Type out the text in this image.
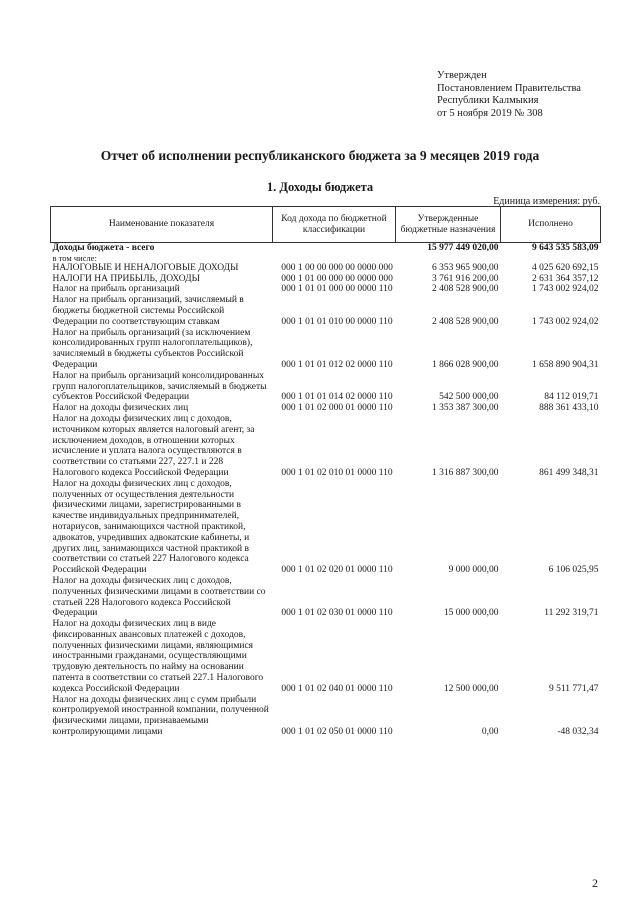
Утвержден
Постановлением Правительства
Республики Калмыкия
от 5 ноября 2019 № 308
Отчет об исполнении республиканского бюджета за 9 месяцев 2019 года
1. Доходы бюджета
Единица измерения: руб.
Наименование показателя	Код дохода по бюджетной классификации	Утвержденные бюджетные назначения	Исполнено
Доходы бюджета - всего		15 977 449 020,00	9 643 535 583,09
в том числе:			
НАЛОГОВЫЕ И НЕНАЛОГОВЫЕ ДОХОДЫ	000 1 00 00 000 00 0000 000	6 353 965 900,00	4 025 620 692,15
НАЛОГИ НА ПРИБЫЛЬ, ДОХОДЫ	000 1 01 00 000 00 0000 000	3 761 916 200,00	2 631 364 357,12
Налог на прибыль организаций	000 1 01 01 000 00 0000 110	2 408 528 900,00	1 743 002 924,02
Налог на прибыль организаций, зачисляемый в бюджеты бюджетной системы Российской Федерации по соответствующим ставкам	000 1 01 01 010 00 0000 110	2 408 528 900,00	1 743 002 924,02
Налог на прибыль организаций (за исключением консолидированных групп налогоплательщиков), зачисляемый в бюджеты субъектов Российской Федерации	000 1 01 01 012 02 0000 110	1 866 028 900,00	1 658 890 904,31
Налог на прибыль организаций консолидированных групп налогоплательщиков, зачисляемый в бюджеты субъектов Российской Федерации	000 1 01 01 014 02 0000 110	542 500 000,00	84 112 019,71
Налог на доходы физических лиц	000 1 01 02 000 01 0000 110	1 353 387 300,00	888 361 433,10
Налог на доходы физических лиц с доходов, источником которых является налоговый агент, за исключением доходов, в отношении которых исчисление и уплата налога осуществляются в соответствии со статьями 227, 227.1 и 228 Налогового кодекса Российской Федерации	000 1 01 02 010 01 0000 110	1 316 887 300,00	861 499 348,31
Налог на доходы физических лиц с доходов, полученных от осуществления деятельности физическими лицами, зарегистрированными в качестве индивидуальных предпринимателей, нотариусов, занимающихся частной практикой, адвокатов, учредивших адвокатские кабинеты, и других лиц, занимающихся частной практикой в соответствии со статьей 227 Налогового кодекса Российской Федерации	000 1 01 02 020 01 0000 110	9 000 000,00	6 106 025,95
Налог на доходы физических лиц с доходов, полученных физическими лицами в соответствии со статьей 228 Налогового кодекса Российской Федерации	000 1 01 02 030 01 0000 110	15 000 000,00	11 292 319,71
Налог на доходы физических лиц в виде фиксированных авансовых платежей с доходов, полученных физическими лицами, являющимися иностранными гражданами, осуществляющими трудовую деятельность по найму на основании патента в соответствии со статьей 227.1 Налогового кодекса Российской Федерации	000 1 01 02 040 01 0000 110	12 500 000,00	9 511 771,47
Налог на доходы физических лиц с сумм прибыли контролируемой иностранной компании, полученной физическими лицами, признаваемыми контролирующими лицами	000 1 01 02 050 01 0000 110	0,00	-48 032,34
2
